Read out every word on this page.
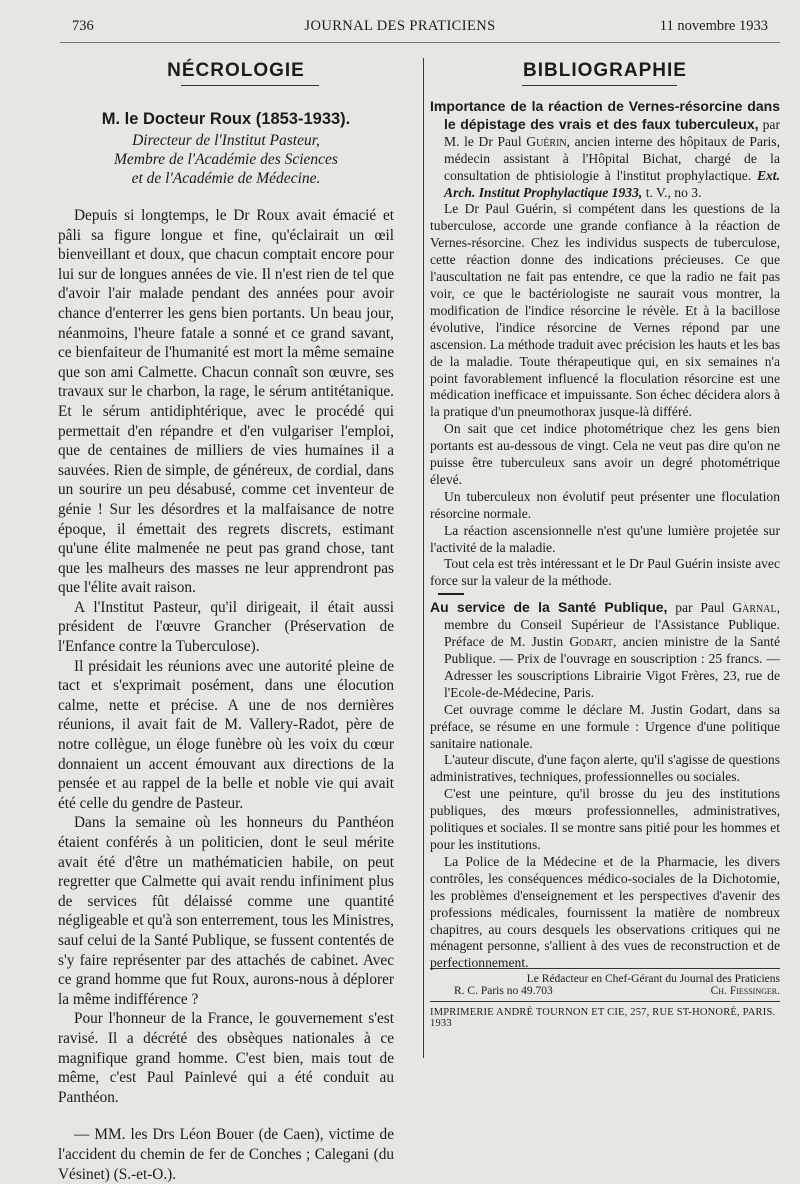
736	JOURNAL DES PRATICIENS	11 novembre 1933
NÉCROLOGIE
M. le Docteur Roux (1853-1933).
Directeur de l'Institut Pasteur,
Membre de l'Académie des Sciences
et de l'Académie de Médecine.

Depuis si longtemps, le Dr Roux avait émacié et pâli sa figure longue et fine, qu'éclairait un œil bienveillant et doux, que chacun comptait encore pour lui sur de longues années de vie. Il n'est rien de tel que d'avoir l'air malade pendant des années pour avoir chance d'enterrer les gens bien portants. Un beau jour, néanmoins, l'heure fatale a sonné et ce grand savant, ce bienfaiteur de l'humanité est mort la même semaine que son ami Calmette. Chacun connaît son œuvre, ses travaux sur le charbon, la rage, le sérum antitétanique. Et le sérum antidiphtérique, avec le procédé qui permettait d'en répandre et d'en vulgariser l'emploi, que de centaines de milliers de vies humaines il a sauvées. Rien de simple, de généreux, de cordial, dans un sourire un peu désabusé, comme cet inventeur de génie ! Sur les désordres et la malfaisance de notre époque, il émettait des regrets discrets, estimant qu'une élite malmenée ne peut pas grand chose, tant que les malheurs des masses ne leur apprendront pas que l'élite avait raison.

A l'Institut Pasteur, qu'il dirigeait, il était aussi président de l'œuvre Grancher (Préservation de l'Enfance contre la Tuberculose).

Il présidait les réunions avec une autorité pleine de tact et s'exprimait posément, dans une élocution calme, nette et précise. A une de nos dernières réunions, il avait fait de M. Vallery-Radot, père de notre collègue, un éloge funèbre où les voix du cœur donnaient un accent émouvant aux directions de la pensée et au rappel de la belle et noble vie qui avait été celle du gendre de Pasteur.

Dans la semaine où les honneurs du Panthéon étaient conférés à un politicien, dont le seul mérite avait été d'être un mathématicien habile, on peut regretter que Calmette qui avait rendu infiniment plus de services fût délaissé comme une quantité négligeable et qu'à son enterrement, tous les Ministres, sauf celui de la Santé Publique, se fussent contentés de s'y faire représenter par des attachés de cabinet. Avec ce grand homme que fut Roux, aurons-nous à déplorer la même indifférence ?

Pour l'honneur de la France, le gouvernement s'est ravisé. Il a décrété des obsèques nationales à ce magnifique grand homme. C'est bien, mais tout de même, c'est Paul Painlevé qui a été conduit au Panthéon.

— MM. les Drs Léon Bouer (de Caen), victime de l'accident du chemin de fer de Conches ; Calegani (du Vésinet) (S.-et-O.).

BIBLIOGRAPHIE

Importance de la réaction de Vernes-résorcine dans le dépistage des vrais et des faux tuberculeux, par M. le Dr Paul Guérin, ancien interne des hôpitaux de Paris, médecin assistant à l'Hôpital Bichat, chargé de la consultation de phtisiologie à l'institut prophylactique. Ext. Arch. Institut Prophylactique 1933, t. V., no 3.

Le Dr Paul Guérin, si compétent dans les questions de la tuberculose, accorde une grande confiance à la réaction de Vernes-résorcine. Chez les individus suspects de tuberculose, cette réaction donne des indications précieuses. Ce que l'auscultation ne fait pas entendre, ce que la radio ne fait pas voir, ce que le bactériologiste ne saurait vous montrer, la modification de l'indice résorcine le révèle. Et à la bacillose évolutive, l'indice résorcine de Vernes répond par une ascension. La méthode traduit avec précision les hauts et les bas de la maladie. Toute thérapeutique qui, en six semaines n'a point favorablement influencé la floculation résorcine est une médication inefficace et impuissante. Son échec décidera alors à la pratique d'un pneumothorax jusque-là différé.

On sait que cet indice photométrique chez les gens bien portants est au-dessous de vingt. Cela ne veut pas dire qu'on ne puisse être tuberculeux sans avoir un degré photométrique élevé.

Un tuberculeux non évolutif peut présenter une floculation résorcine normale.

La réaction ascensionnelle n'est qu'une lumière projetée sur l'activité de la maladie.

Tout cela est très intéressant et le Dr Paul Guérin insiste avec force sur la valeur de la méthode.

Au service de la Santé Publique, par Paul Garnal, membre du Conseil Supérieur de l'Assistance Publique. Préface de M. Justin Godart, ancien ministre de la Santé Publique. — Prix de l'ouvrage en souscription : 25 francs. — Adresser les souscriptions Librairie Vigot Frères, 23, rue de l'Ecole-de-Médecine, Paris.

Cet ouvrage comme le déclare M. Justin Godart, dans sa préface, se résume en une formule : Urgence d'une politique sanitaire nationale.

L'auteur discute, d'une façon alerte, qu'il s'agisse de questions administratives, techniques, professionnelles ou sociales.

C'est une peinture, qu'il brosse du jeu des institutions publiques, des mœurs professionnelles, administratives, politiques et sociales. Il se montre sans pitié pour les hommes et pour les institutions.

La Police de la Médecine et de la Pharmacie, les divers contrôles, les conséquences médico-sociales de la Dichotomie, les problèmes d'enseignement et les perspectives d'avenir des professions médicales, fournissent la matière de nombreux chapitres, au cours desquels les observations critiques qui ne ménagent personne, s'allient à des vues de reconstruction et de perfectionnement.

Le Rédacteur en Chef-Gérant du Journal des Praticiens
R. C. Paris no 49.703	Ch. Fiessinger.
IMPRIMERIE ANDRÉ TOURNON ET CIE, 257, RUE ST-HONORÉ, PARIS. 1933
